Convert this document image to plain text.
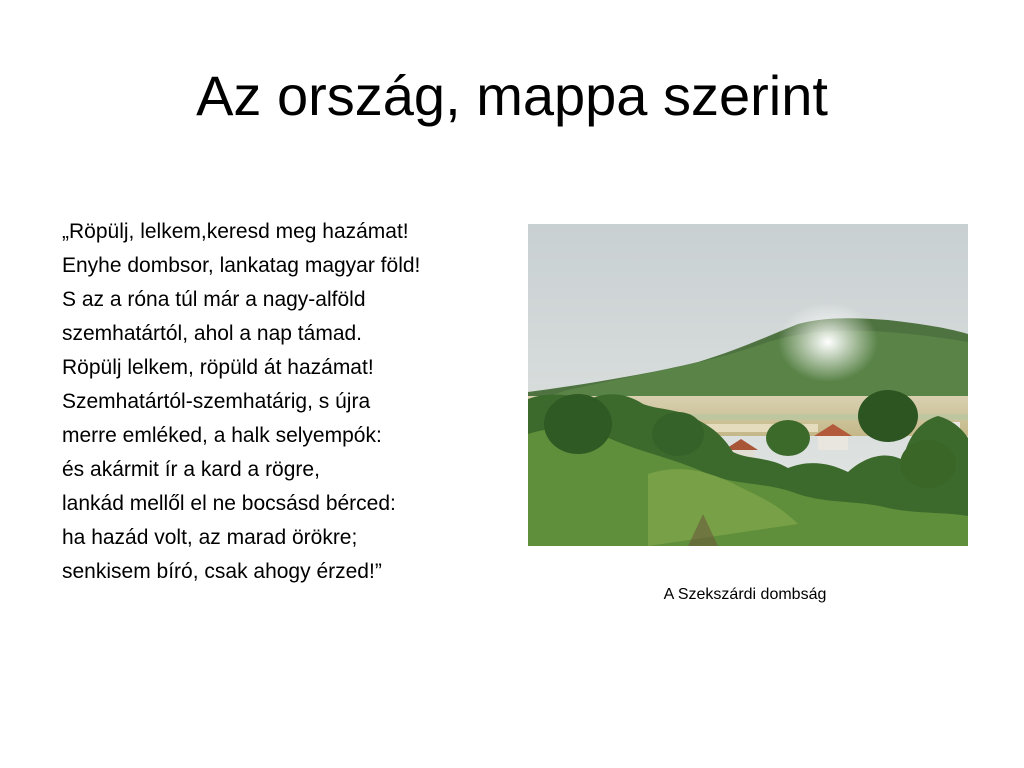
Az ország, mappa szerint
„Röpülj, lelkem,keresd meg hazámat!
Enyhe dombsor, lankatag magyar föld!
S az a róna túl már a nagy-alföld
szemhatártól, ahol a nap támad.
Röpülj lelkem, röpüld át hazámat!
Szemhatártól-szemhatárig, s újra
merre emléked, a halk selyempók:
és akármit ír a kard a rögre,
lankád mellől el ne bocsásd bérced:
ha hazád volt, az marad örökre;
senkisem bíró, csak ahogy érzed!”
A Szekszárdi dombság
